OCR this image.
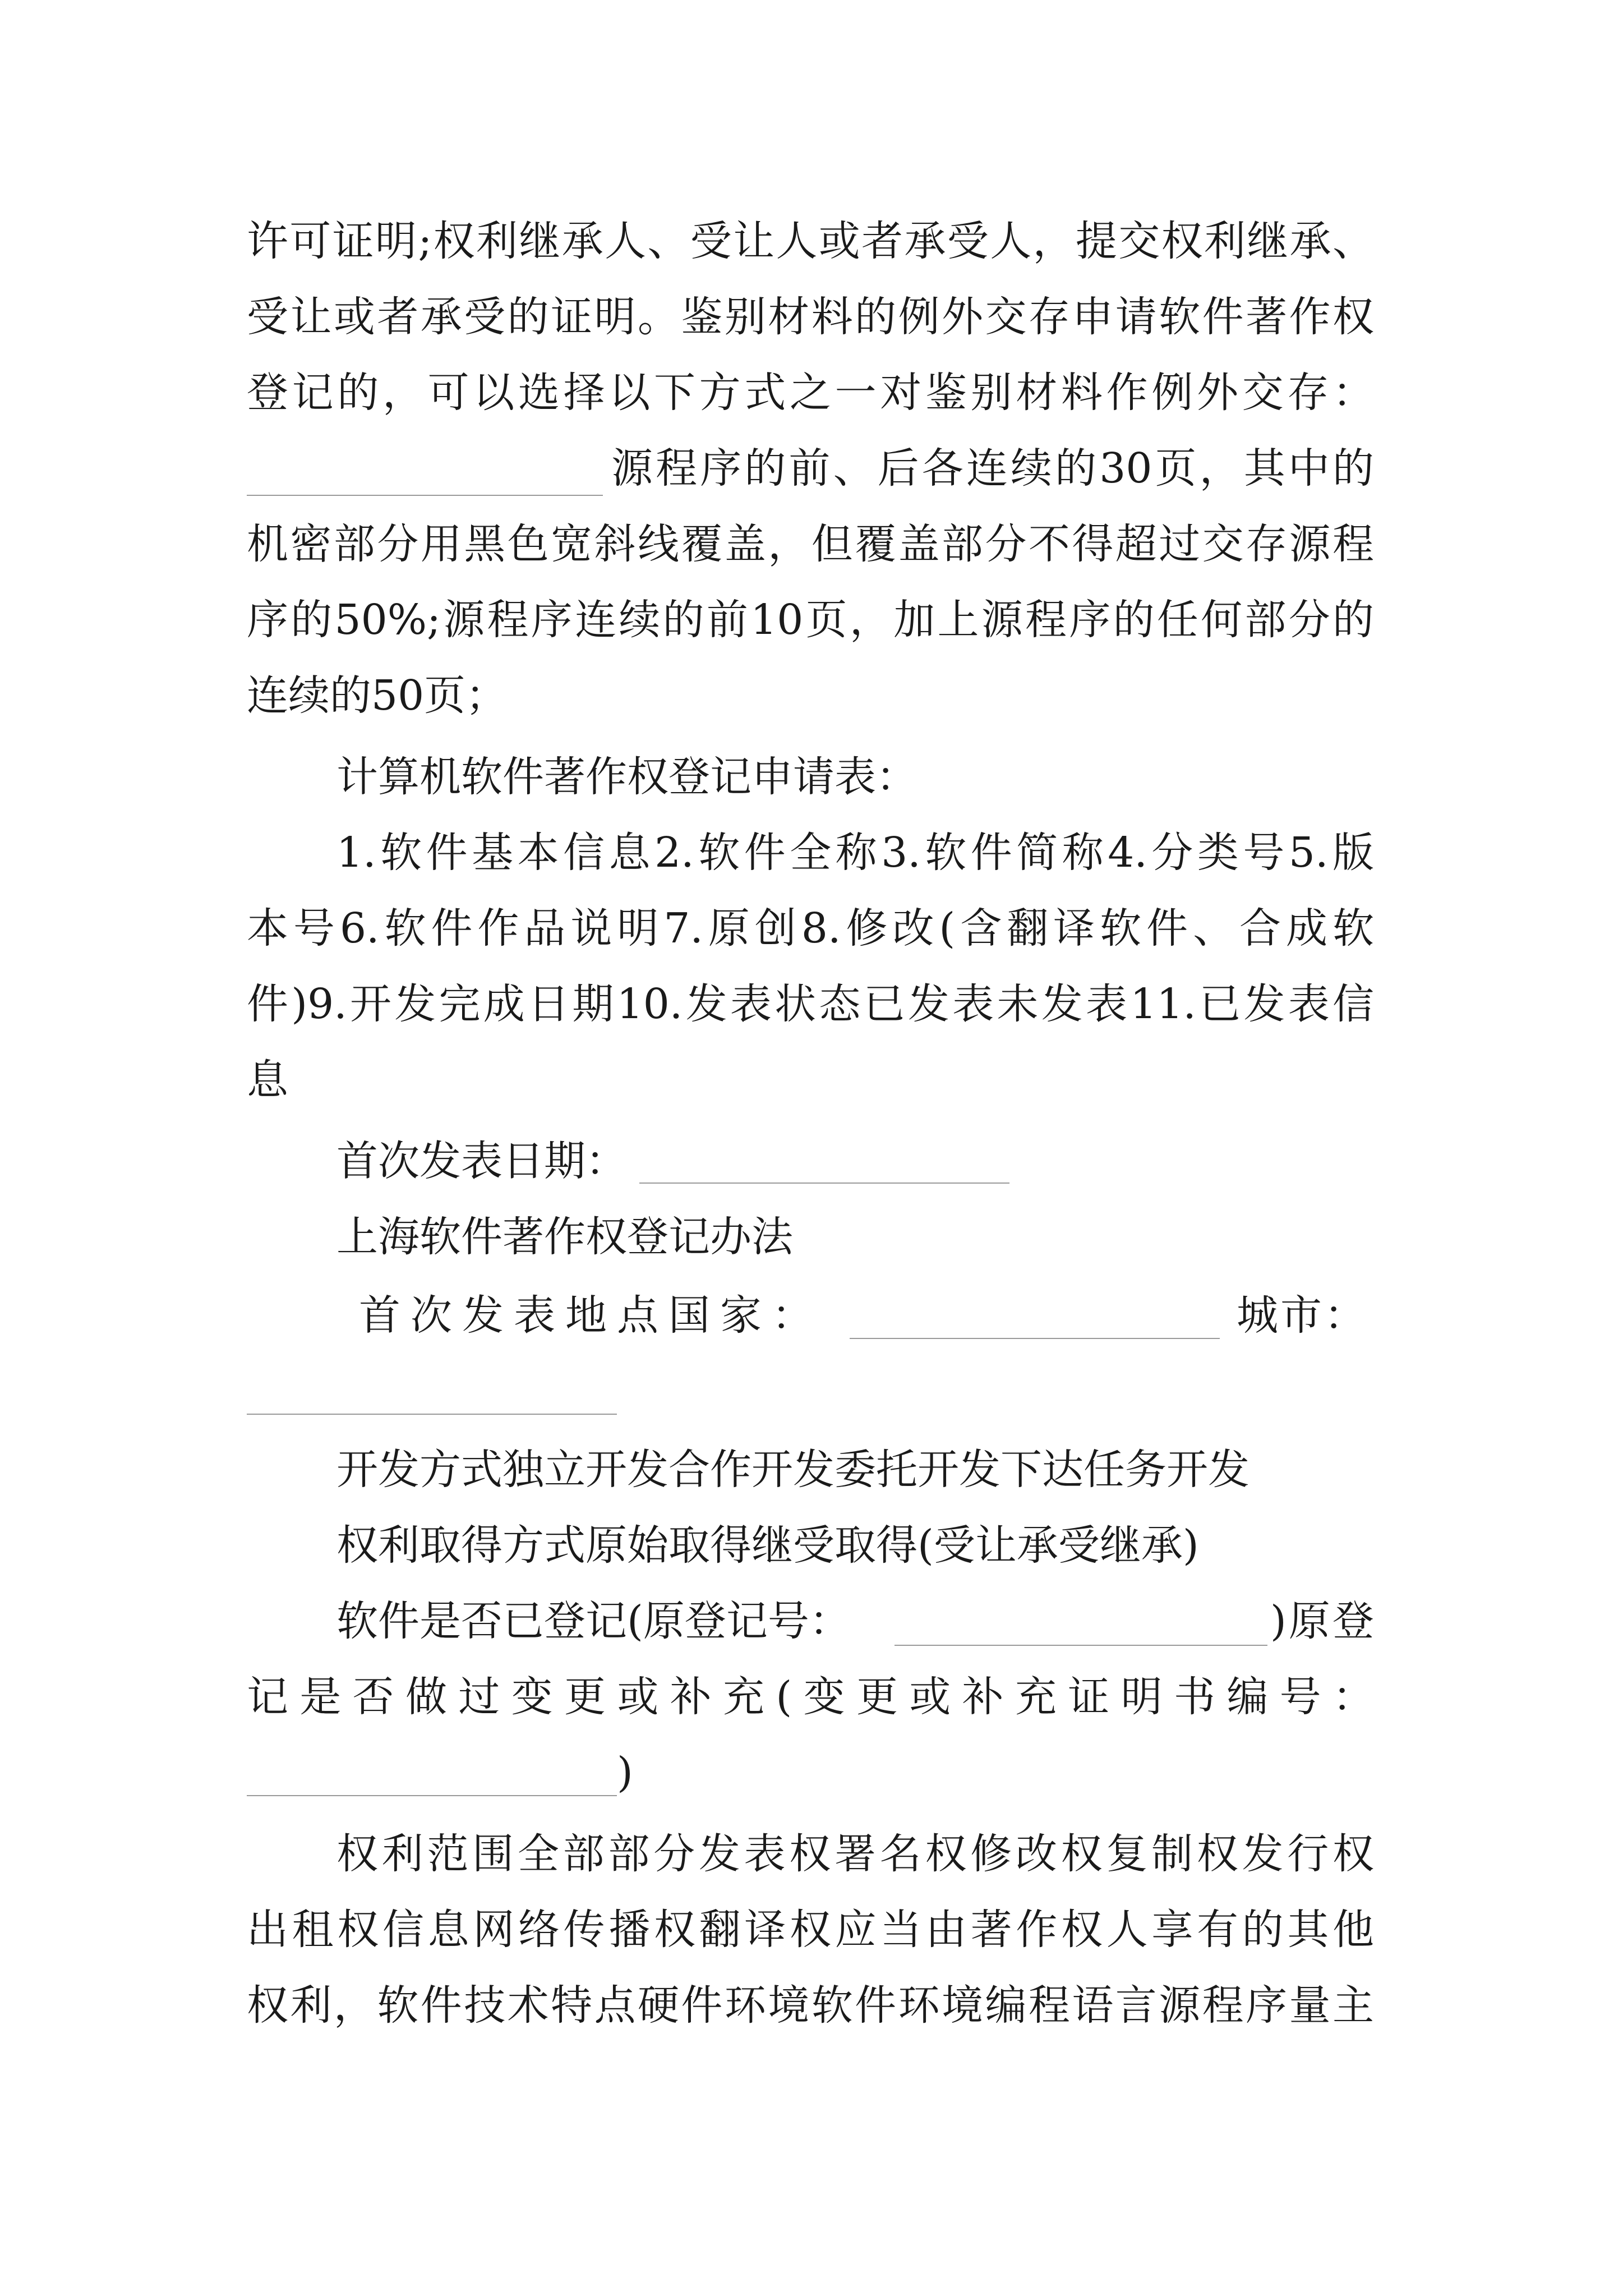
许可证明;权利继承人、受让人或者承受人，提交权利继承、
受让或者承受的证明。鉴别材料的例外交存申请软件著作权
登记的，可以选择以下方式之一对鉴别材料作例外交存：
源程序的前、后各连续的30页，其中的
机密部分用黑色宽斜线覆盖，但覆盖部分不得超过交存源程
序的50%;源程序连续的前10页，加上源程序的任何部分的
连续的50页；
计算机软件著作权登记申请表：
1.软件基本信息2.软件全称3.软件简称4.分类号5.版
本号6.软件作品说明7.原创8.修改(含翻译软件、合成软
件)9.开发完成日期10.发表状态已发表未发表11.已发表信
息
首次发表日期：
上海软件著作权登记办法
首次发表地点国家：	城市：
开发方式独立开发合作开发委托开发下达任务开发
权利取得方式原始取得继受取得(受让承受继承)
软件是否已登记(原登记号：	)原登
记是否做过变更或补充(变更或补充证明书编号：
)
权利范围全部部分发表权署名权修改权复制权发行权
出租权信息网络传播权翻译权应当由著作权人享有的其他
权利，软件技术特点硬件环境软件环境编程语言源程序量主
